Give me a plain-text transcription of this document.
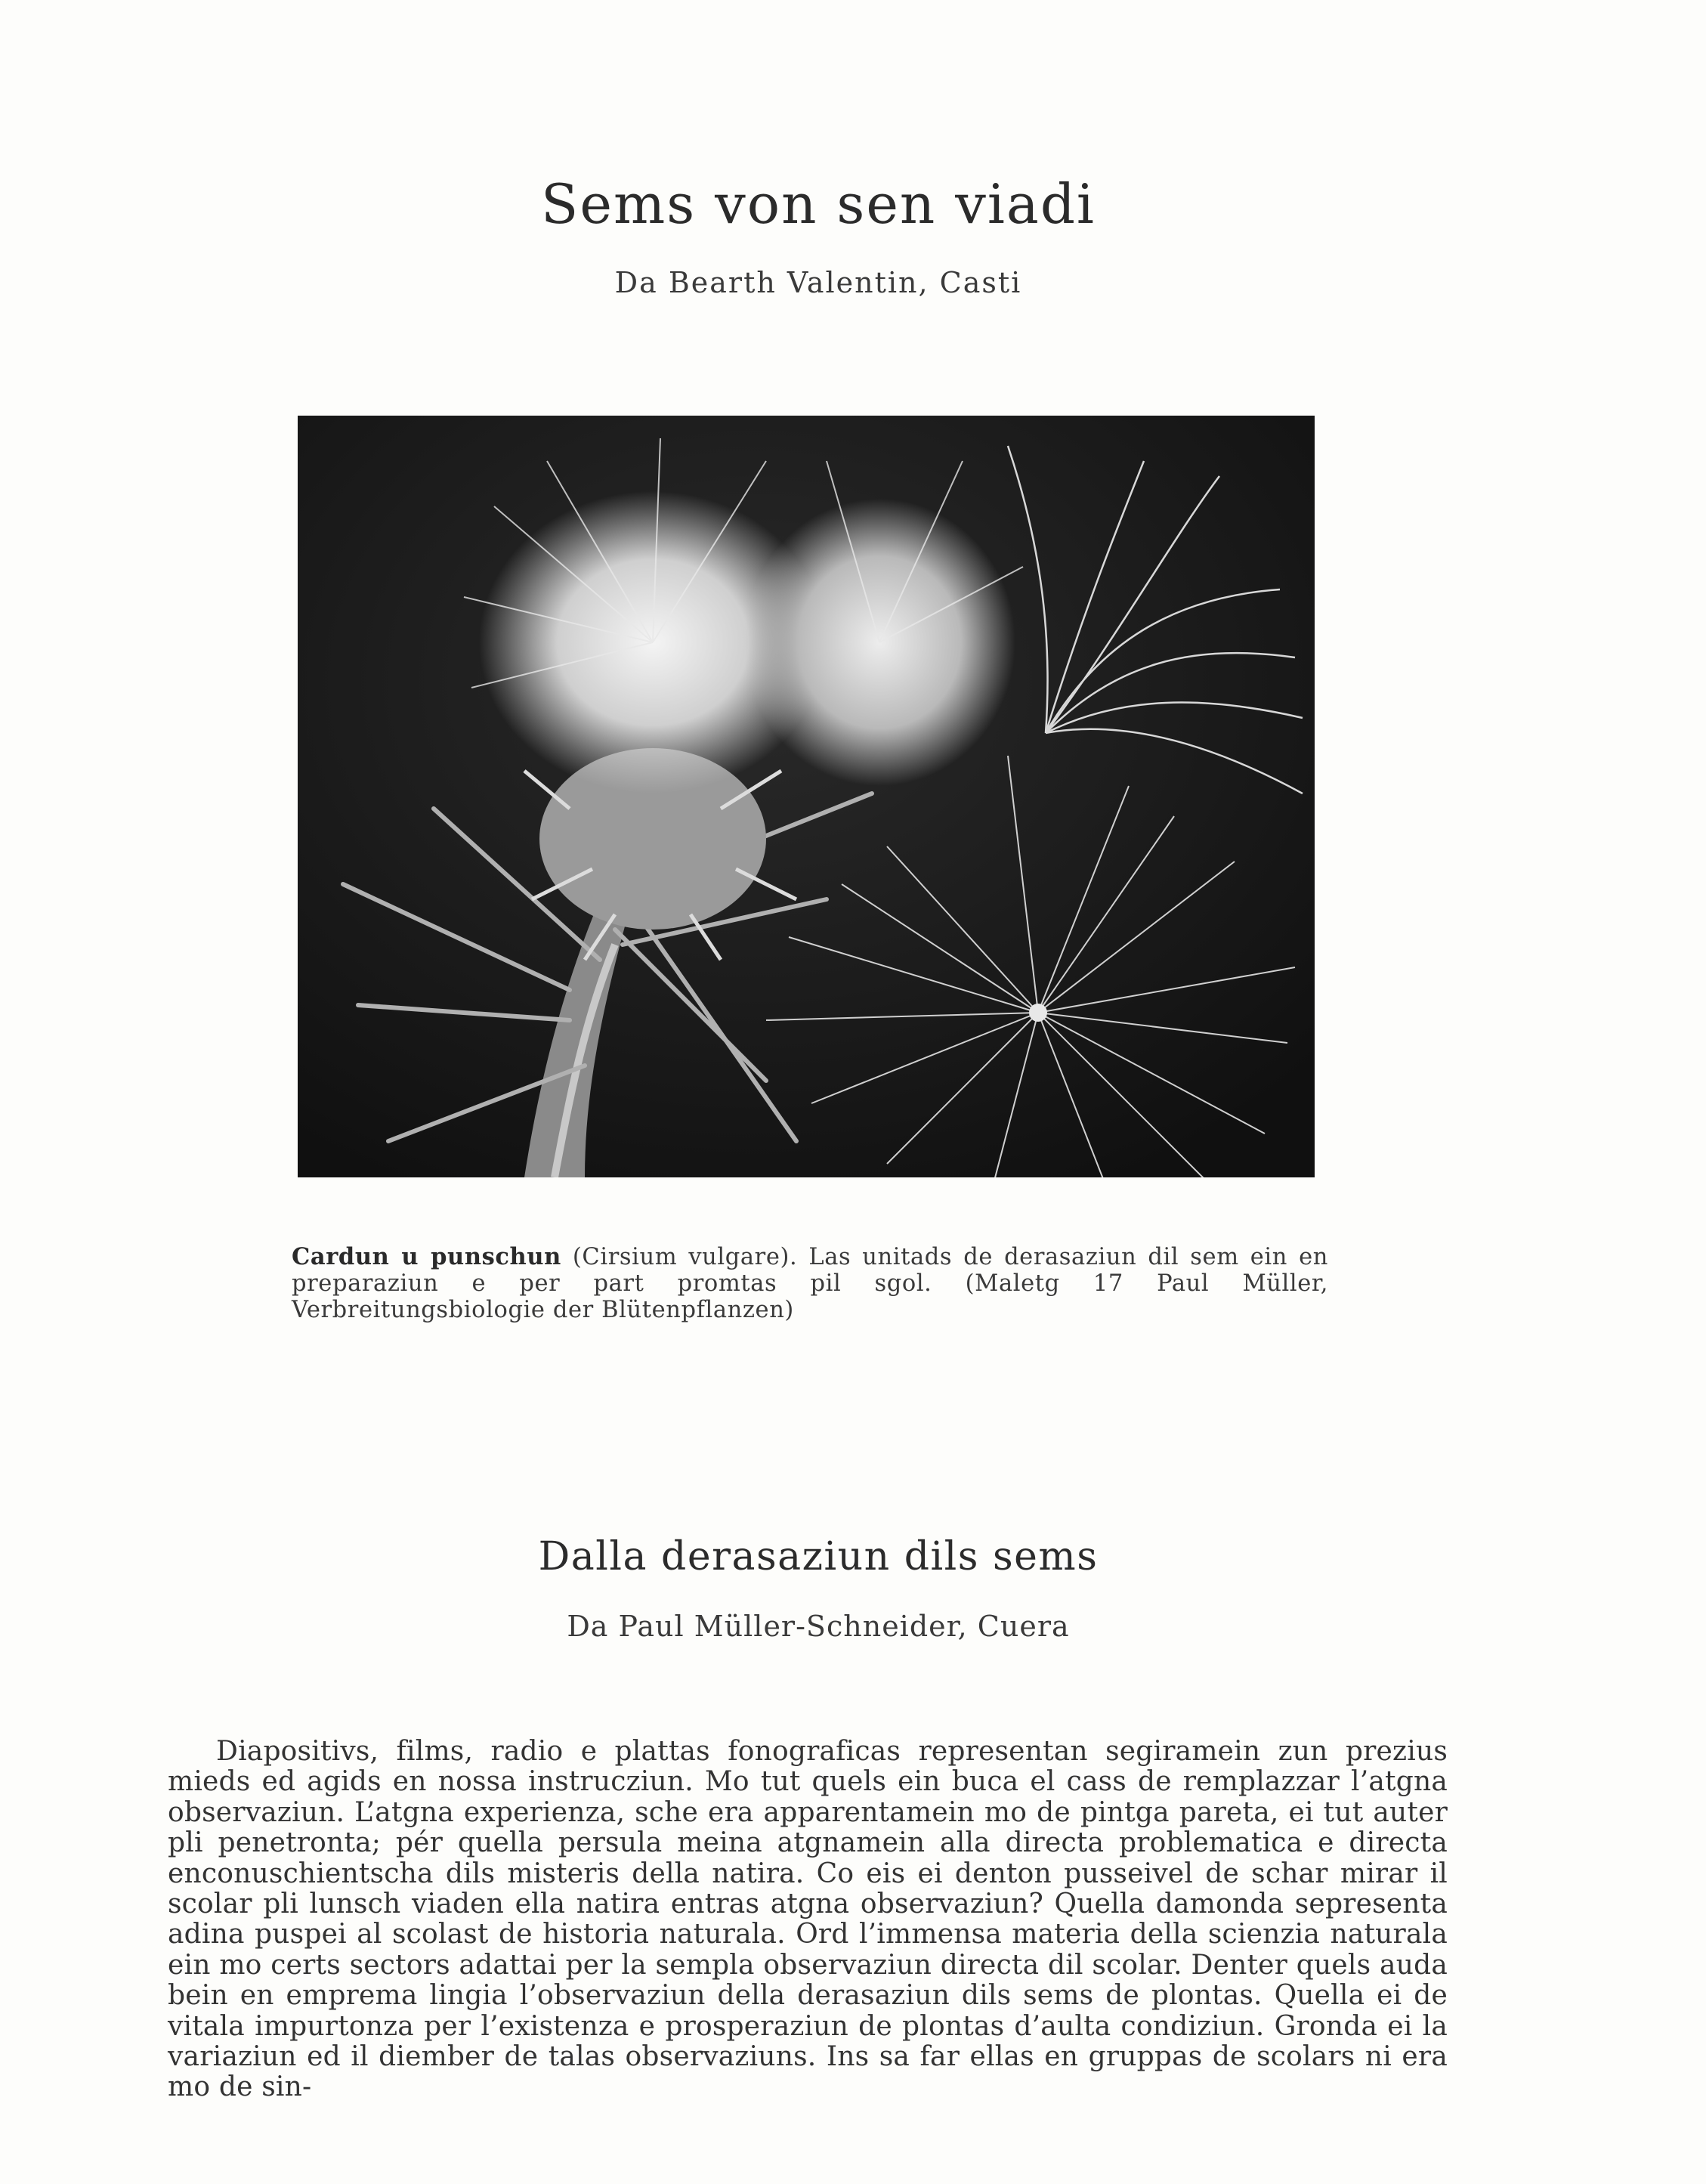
Sems von sen viadi
Da Bearth Valentin, Casti
Cardun u punschun (Cirsium vulgare). Las unitads de derasaziun dil sem ein en preparaziun e per part promtas pil sgol. (Maletg 17 Paul Müller, Verbreitungsbiologie der Blütenpflanzen)
Dalla derasaziun dils sems
Da Paul Müller-Schneider, Cuera

Diapositivs, films, radio e plattas fonograficas representan segiramein zun prezius mieds ed agids en nossa instrucziun. Mo tut quels ein buca el cass de remplazzar l’atgna observaziun. L’atgna experienza, sche era apparentamein mo de pintga pareta, ei tut auter pli penetronta; pér quella persula meina atgnamein alla directa problematica e directa enconuschientscha dils misteris della natira. Co eis ei denton pusseivel de schar mirar il scolar pli lunsch viaden ella natira entras atgna observaziun? Quella damonda sepresenta adina puspei al scolast de historia naturala. Ord l’immensa materia della scienzia naturala ein mo certs sectors adattai per la sempla observaziun directa dil scolar. Denter quels auda bein en emprema lingia l’observaziun della derasaziun dils sems de plontas. Quella ei de vitala impurtonza per l’existenza e prosperaziun de plontas d’aulta condiziun. Gronda ei la variaziun ed il diember de talas observaziuns. Ins sa far ellas en gruppas de scolars ni era mo de sin-
